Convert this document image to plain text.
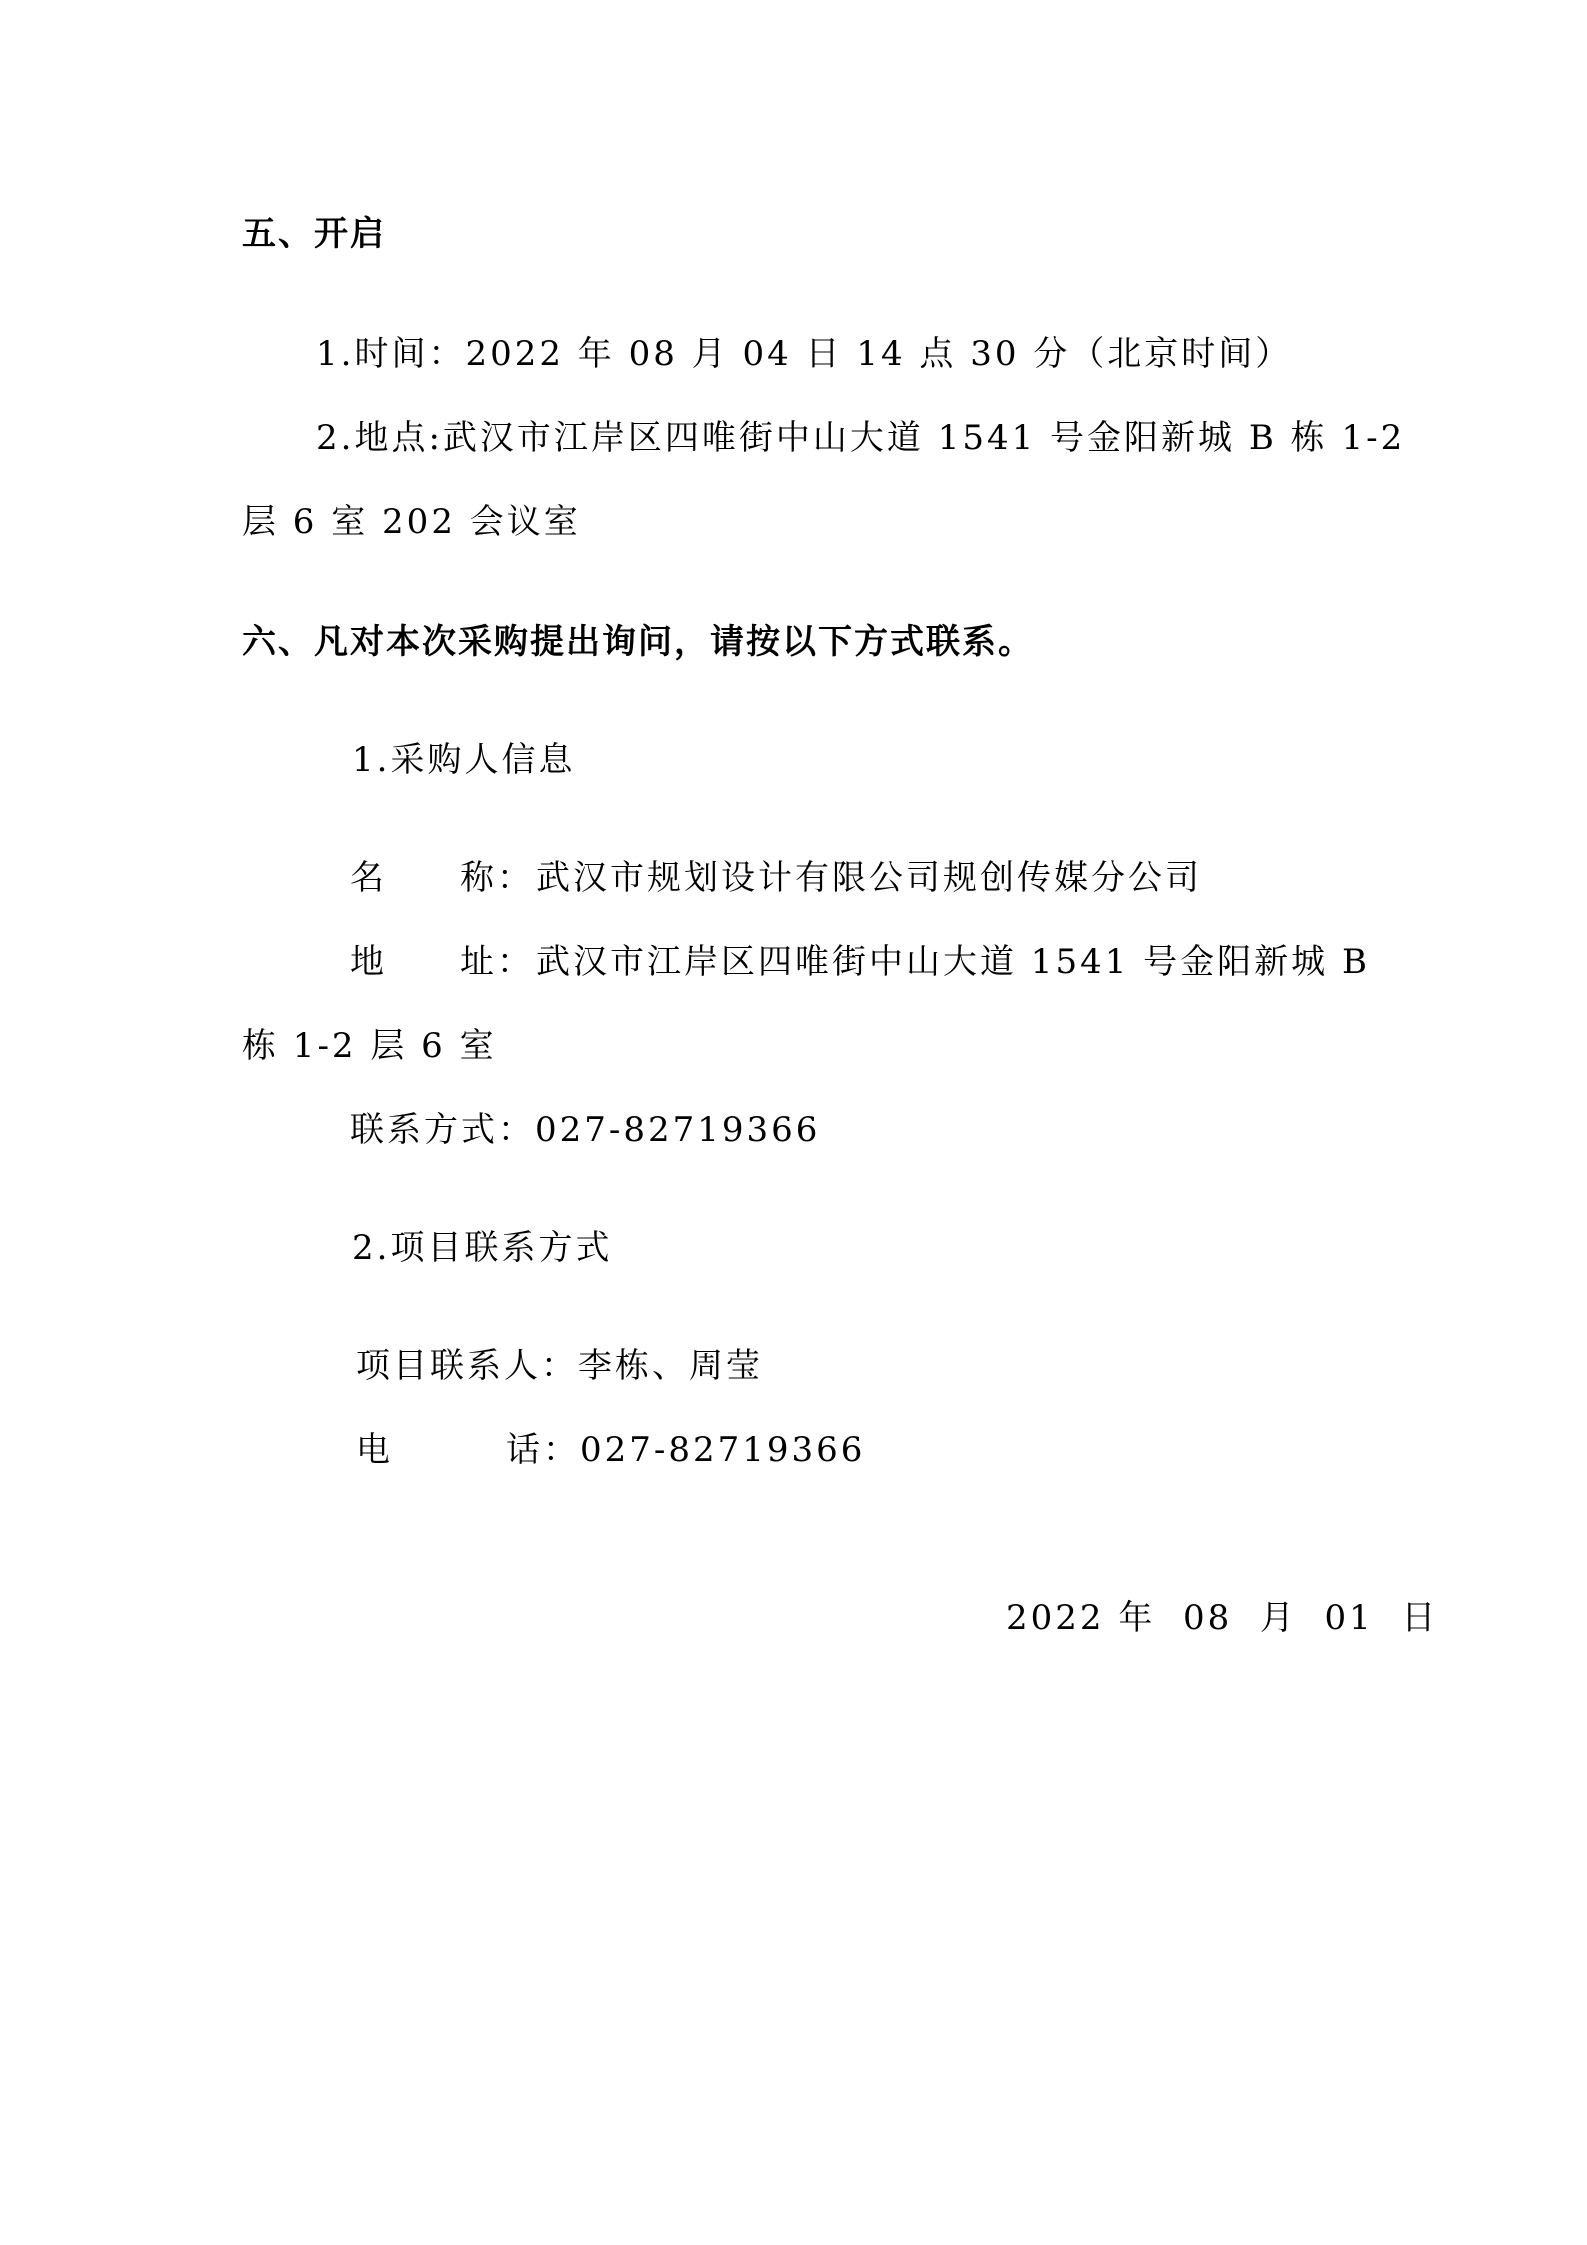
五、开启
1.时间：2022 年 08 月 04 日 14 点 30 分（北京时间）
2.地点:武汉市江岸区四唯街中山大道 1541 号金阳新城 B 栋 1-2
层 6 室 202 会议室
六、凡对本次采购提出询问，请按以下方式联系。
1.采购人信息
名 称： 武汉市规划设计有限公司规创传媒分公司
地 址： 武汉市江岸区四唯街中山大道 1541 号金阳新城 B
栋 1-2 层 6 室
联系方式：027-82719366
2.项目联系方式
项目联系人：李栋、周莹
电	话：027-82719366
2022 年  08  月  01  日
